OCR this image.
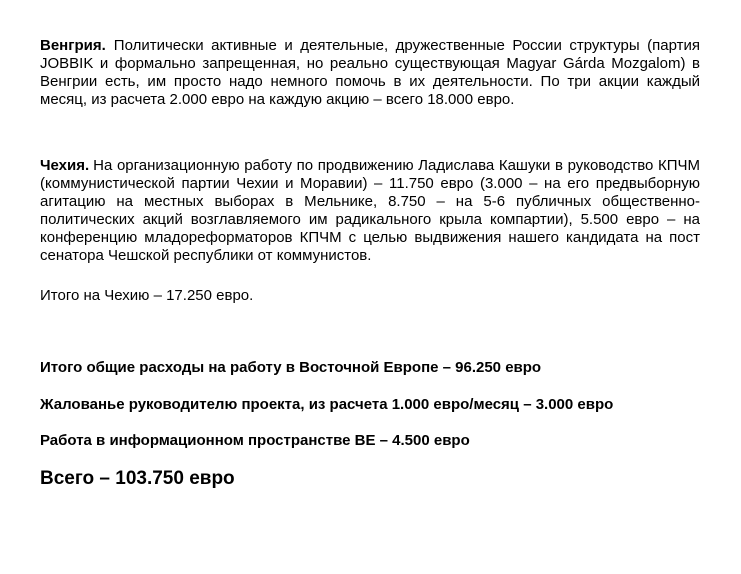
Венгрия. Политически активные и деятельные, дружественные России структуры (партия JOBBIK и формально запрещенная, но реально существующая Magyar Gárda Mozgalom) в Венгрии есть, им просто надо немного помочь в их деятельности. По три акции каждый месяц, из расчета 2.000 евро на каждую акцию – всего 18.000 евро.

Чехия. На организационную работу по продвижению Ладислава Кашуки в руководство КПЧМ (коммунистической партии Чехии и Моравии) – 11.750 евро (3.000 – на его предвыборную агитацию на местных выборах в Мельнике, 8.750 – на 5-6 публичных общественно-политических акций возглавляемого им радикального крыла компартии), 5.500 евро – на конференцию младореформаторов КПЧМ с целью выдвижения нашего кандидата на пост сенатора Чешской республики от коммунистов.

Итого на Чехию – 17.250 евро.

Итого общие расходы на работу в Восточной Европе – 96.250 евро

Жалованье руководителю проекта, из расчета 1.000 евро/месяц – 3.000 евро

Работа в информационном пространстве ВЕ – 4.500 евро

Всего – 103.750 евро
